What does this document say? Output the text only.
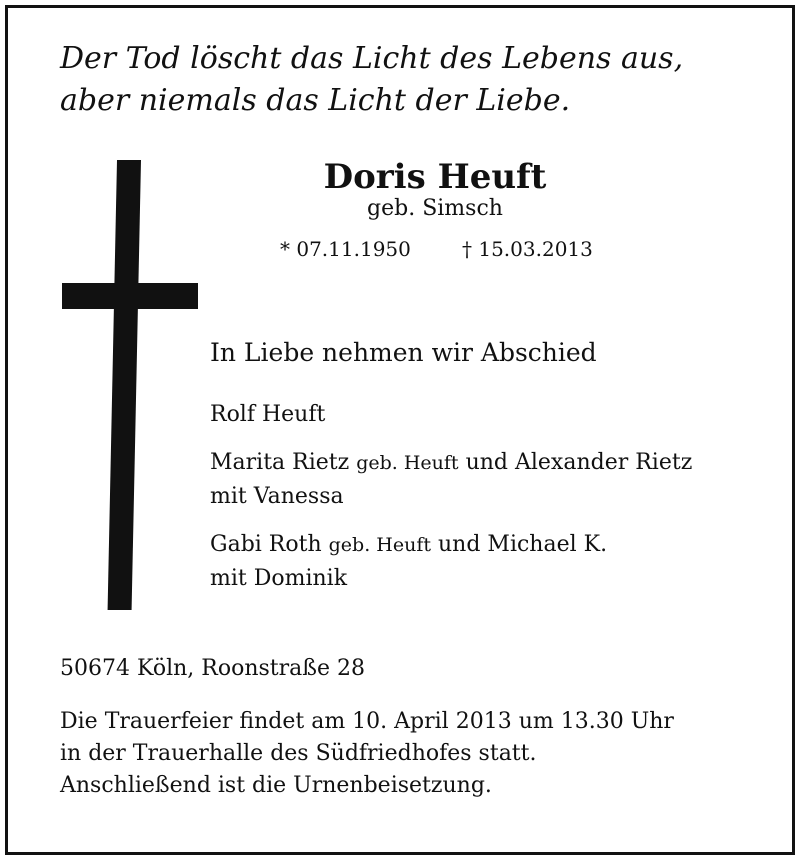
Der Tod löscht das Licht des Lebens aus,
aber niemals das Licht der Liebe.
Doris Heuft
geb. Simsch
* 07.11.1950	† 15.03.2013
In Liebe nehmen wir Abschied
Rolf Heuft
Marita Rietz geb. Heuft und Alexander Rietz
mit Vanessa
Gabi Roth geb. Heuft und Michael K.
mit Dominik
50674 Köln, Roonstraße 28
Die Trauerfeier findet am 10. April 2013 um 13.30 Uhr
in der Trauerhalle des Südfriedhofes statt.
Anschließend ist die Urnenbeisetzung.
